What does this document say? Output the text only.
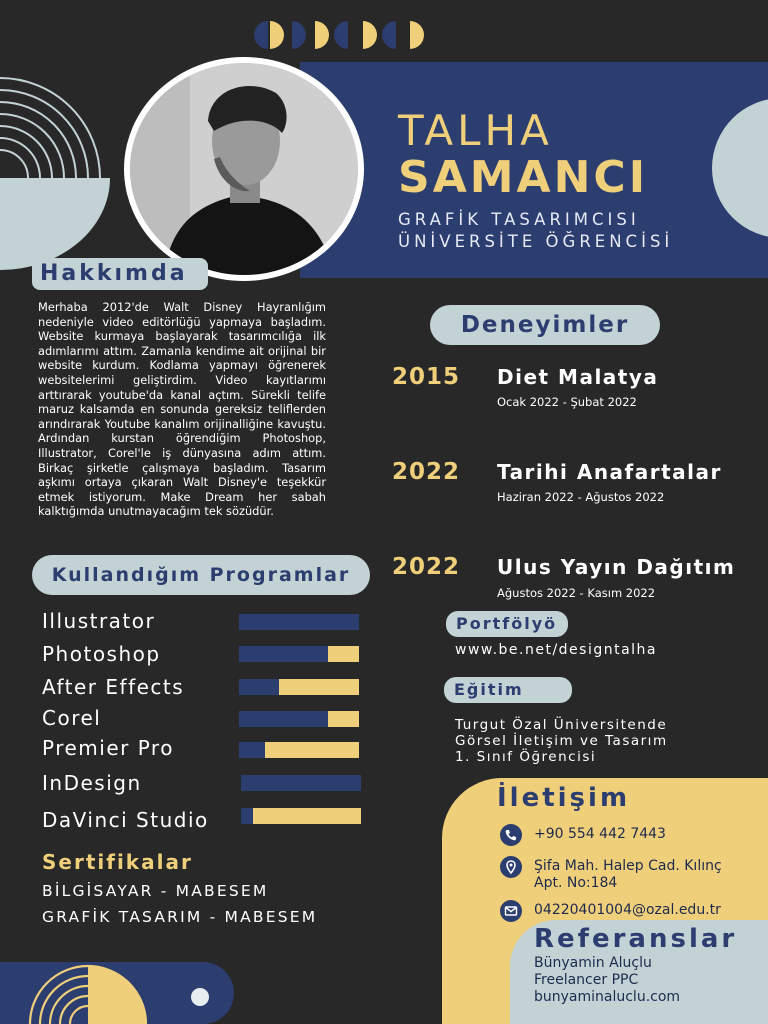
TALHA
SAMANCI
GRAFİK TASARIMCISI
ÜNİVERSİTE ÖĞRENCİSİ
Hakkımda
Merhaba 2012'de Walt Disney Hayranlığım nedeniyle video editörlüğü yapmaya başladım. Website kurmaya başlayarak tasarımcılığa ilk adımlarımı attım. Zamanla kendime ait orijinal bir website kurdum. Kodlama yapmayı öğrenerek websitelerimi geliştirdim. Video kayıtlarımı arttırarak youtube'da kanal açtım. Sürekli telife maruz kalsamda en sonunda gereksiz teliflerden arındırarak Youtube kanalım orijinalliğine kavuştu. Ardından kurstan öğrendiğim Photoshop, Illustrator, Corel'le iş dünyasına adım attım. Birkaç şirketle çalışmaya başladım. Tasarım aşkımı ortaya çıkaran Walt Disney'e teşekkür etmek istiyorum. Make Dream her sabah kalktığımda unutmayacağım tek sözüdür.
Deneyimler
2015 Diet Malatya
Ocak 2022 - Şubat 2022
2022 Tarihi Anafartalar
Haziran 2022 - Ağustos 2022
2022 Ulus Yayın Dağıtım
Ağustos 2022 - Kasım 2022
Kullandığım Programlar
Illustrator
Photoshop
After Effects
Corel
Premier Pro
InDesign
DaVinci Studio
Sertifikalar
BİLGİSAYAR - MABESEM
GRAFİK TASARIM - MABESEM
Portfölyö
www.be.net/designtalha
Eğitim
Turgut Özal Üniversitende
Görsel İletişim ve Tasarım
1. Sınıf Öğrencisi
İletişim
+90 554 442 7443
Şifa Mah. Halep Cad. Kılınç
Apt. No:184
04220401004@ozal.edu.tr
Referanslar
Bünyamin Aluçlu
Freelancer PPC
bunyaminaluclu.com
